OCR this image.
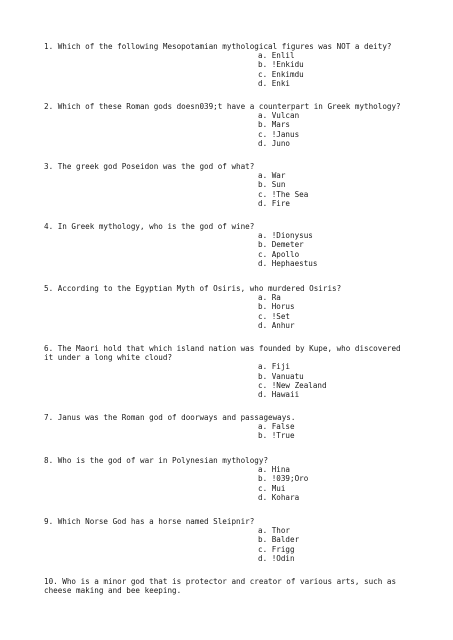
1. Which of the following Mesopotamian mythological figures was NOT a deity?
a. Enlil
b. !Enkidu
c. Enkimdu
d. Enki
2. Which of these Roman gods doesn039;t have a counterpart in Greek mythology?
a. Vulcan
b. Mars
c. !Janus
d. Juno
3. The greek god Poseidon was the god of what?
a. War
b. Sun
c. !The Sea
d. Fire
4. In Greek mythology, who is the god of wine?
a. !Dionysus
b. Demeter
c. Apollo
d. Hephaestus
5. According to the Egyptian Myth of Osiris, who murdered Osiris?
a. Ra
b. Horus
c. !Set
d. Anhur
6. The Maori hold that which island nation was founded by Kupe, who discovered it under a long white cloud?
a. Fiji
b. Vanuatu
c. !New Zealand
d. Hawaii
7. Janus was the Roman god of doorways and passageways.
a. False
b. !True
8. Who is the god of war in Polynesian mythology?
a. Hina
b. !039;Oro
c. Mui
d. Kohara
9. Which Norse God has a horse named Sleipnir?
a. Thor
b. Balder
c. Frigg
d. !Odin
10. Who is a minor god that is protector and creator of various arts, such as cheese making and bee keeping.
